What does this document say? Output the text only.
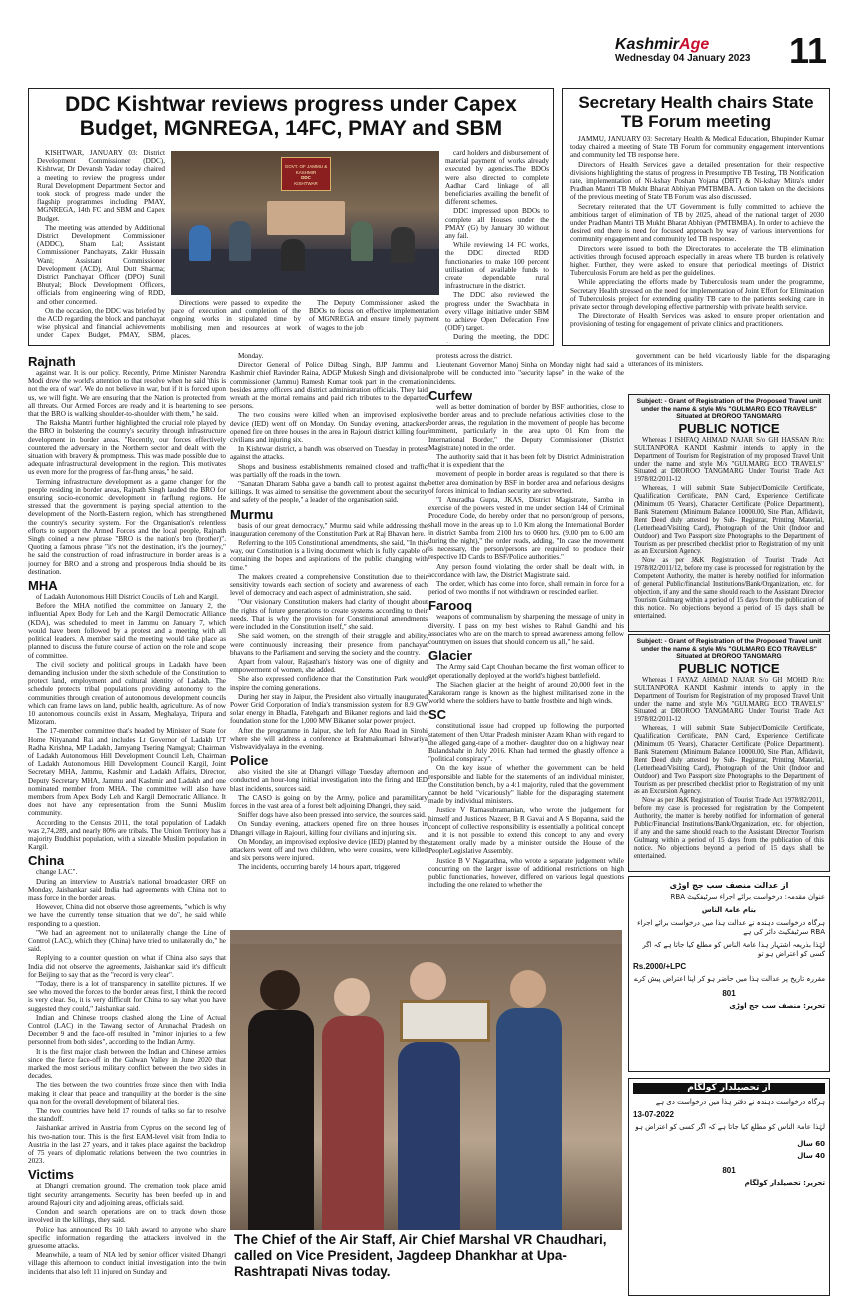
KashmirAge
Wednesday 04 January 2023 11
DDC Kishtwar reviews progress under Capex Budget, MGNREGA, 14FC, PMAY and SBM

KISHTWAR, JANUARY 03: District Development Commissioner (DDC), Kishtwar, Dr Devansh Yadav today chaired a meeting to review the progress under Rural Development Department Sector and took stock of progress made under the flagship programmes including PMAY, MGNREGA, 14th FC and SBM and Capex Budget.

The meeting was attended by Additional District Development Commissioner (ADDC), Sham Lal; Assistant Commissioner Panchayats, Zakir Hussain Wani; Assistant Commissioner Development (ACD), Atul Dutt Sharma; District Panchayat Officer (DPO) Sunil Bhutyal; Block Development Officers, officials from engineering wing of RDD, and other concerned.

On the occasion, the DDC was briefed by the ACD regarding the block and panchayat wise physical and financial achievements under Capex Budget, PMAY, SBM,

GOVT. OF JAMMU & KASHMIR
DDC
KISHTWAR

Directions were passed to expedite the pace of execution and completion of the ongoing works in stipulated time by mobilising men and resources at work places.

The Deputy Commissioner asked the BDOs to focus on effective implementation of MGNREGA and ensure timely payment of wages to the job

card holders and disbursement of material payment of works already executed by agencies.The BDOs were also directed to complete Aadhar Card linkage of all beneficiaries availing the benefit of different schemes.

DDC impressed upon BDOs to complete all Houses under the PMAY (G) by January 30 without any fail.

While reviewing 14 FC works, the DDC directed RDD functionaries to make 100 percent utilisation of available funds to create dependable rural infrastructure in the district.

The DDC also reviewed the progress under the Swachbata in every village initiative under SBM to achieve Open Defecation Free (ODF) target.

During the meeting, the DDC

Secretary Health chairs State TB Forum meeting

JAMMU, JANUARY 03: Secretary Health & Medical Education, Bhupinder Kumar today chaired a meeting of State TB Forum for community engagement interventions and community led TB response here.

Directors of Health Services gave a detailed presentation for their respective divisions highlighting the status of progress in Presumptive TB Testing, TB Notification rate, implementation of Ni-kshay Poshan Yojana (DBT) & Ni-kshay Mitra's under Pradhan Mantri TB Mukht Bharat Abhiyan PMTBMBA. Action taken on the decisions of the previous meeting of State TB Forum was also discussed.

Secretary reiterated that the UT Government is fully committed to achieve the ambitious target of elimination of TB by 2025, ahead of the national target of 2030 under Pradhan Mantri TB Mukht Bharat Abhiyan (PMTBMBA). In order to achieve the desired end there is need for focused approach by way of various interventions for community engagement and community led TB response.

Directors were issued to both the Directorates to accelerate the TB elimination activities through focused approach especially in areas where TB burden is relatively higher. Further, they were asked to ensure that periodical meetings of District Tuberculosis Forum are held as per the guidelines.

While appreciating the efforts made by Tuberculosis team under the programme, Secretary Health stressed on the need for implementation of Joint Effort for Elimination of Tuberculosis project for extending quality TB care to the patients seeking care in private sector through developing effective partnership with private health service.

The Directorate of Health Services was asked to ensure proper orientation and provisioning of testing for engagement of private clinics and practitioners.

Rajnath

against war. It is our policy. Recently, Prime Minister Narendra Modi drew the world's attention to that resolve when he said 'this is not the era of war'. We do not believe in war, but if it is forced upon us, we will fight. We are ensuring that the Nation is protected from all threats. Our Armed Forces are ready and it is heartening to see that the BRO is walking shoulder-to-shoulder with them," he said.

The Raksha Mantri further highlighted the crucial role played by the BRO in bolstering the country's security through infrastructure development in border areas. "Recently, our forces effectively countered the adversary in the Northern sector and dealt with the situation with bravery & promptness. This was made possible due to adequate infrastructural development in the region. This motivates us even more for the progress of far-flung areas," he said.

Terming infrastructure development as a game changer for the people residing in border areas, Rajnath Singh lauded the BRO for ensuring socio-economic development in farflung regions. He stressed that the government is paying special attention to the development of the North-Eastern region, which has strengthened the country's security system. For the Organisation's relentless efforts to support the Armed Forces and the local people, Rajnath Singh coined a new phrase "BRO is the nation's bro (brother)". Quoting a famous phrase "it's not the destination, it's the journey," he said the construction of road infrastructure in border areas is a journey for BRO and a strong and prosperous India should be its destination.

MHA

of Ladakh Autonomous Hill District Coucils of Leh and Kargil.

Before the MHA notified the committee on January 2, the influential Apex Body for Leh and the Kargil Democratic Alliance (KDA), was scheduled to meet in Jammu on January 7, which would have been followed by a protest and a meeting with all political leaders. A member said the meeting would take place as planned to discuss the future course of action on the role and scope of committee.

The civil society and political groups in Ladakh have been demanding inclusion under the sixth schedule of the Constitution to protect land, employment and cultural identity of Ladakh. The schedule protects tribal populations providing autonomy to the communities through creation of autonomous development councils which can frame laws on land, public health, agriculture. As of now 10 autonomous councils exist in Assam, Meghalaya, Tripura and Mizoram.

The 17-member committee that's headed by Minister of State for Home Nityanand Rai and includes Lt Governor of Ladakh UT Radha Krishna, MP Ladakh, Jamyang Tsering Namgyal; Chairman of Ladakh Autonomous Hill Development Council Leh, Chairman of Ladakh Autonomous Hill Development Council Kargil, Joint Secretary MHA, Jammu, Kashmir and Ladakh Affairs, Director, Deputy Secretary MHA, Jammu and Kashmir and Ladakh and one nominated member from MHA. The committee will also have members from Apex Body Leh and Kargil Democratic Alliance. It does not have any representation from the Sunni Muslim community.

According to the Census 2011, the total population of Ladakh was 2,74,289, and nearly 80% are tribals. The Union Territory has a majority Buddhist population, with a sizeable Muslim population in Kargil.

China

change LAC".

During an interview to Austria's national broadcaster ORF on Monday, Jaishankar said India had agreements with China not to mass force in the border areas.

However, China did not observe those agreements, "which is why we have the currently tense situation that we do", he said while responding to a question.

"We had an agreement not to unilaterally change the Line of Control (LAC), which they (China) have tried to unilaterally do," he said.

Replying to a counter question on what if China also says that India did not observe the agreements, Jaishankar said it's difficult for Beijing to say that as the "record is very clear".

"Today, there is a lot of transparency in satellite pictures. If we see who moved the forces to the border areas first, I think the record is very clear. So, it is very difficult for China to say what you have suggested they could," Jaishankar said.

Indian and Chinese troops clashed along the Line of Actual Control (LAC) in the Tawang sector of Arunachal Pradesh on December 9 and the face-off resulted in "minor injuries to a few personnel from both sides", according to the Indian Army.

It is the first major clash between the Indian and Chinese armies since the fierce face-off in the Galwan Valley in June 2020 that marked the most serious military conflict between the two sides in decades.

The ties between the two countries froze since then with India making it clear that peace and tranquility at the border is the sine qua non for the overall development of bilateral ties.

The two countries have held 17 rounds of talks so far to resolve the standoff.

Jaishankar arrived in Austria from Cyprus on the second leg of his two-nation tour. This is the first EAM-level visit from India to Austria in the last 27 years, and it takes place against the backdrop of 75 years of diplomatic relations between the two countries in 2023.

Victims

at Dhangri cremation ground. The cremation took place amid tight security arrangements. Security has been beefed up in and around Rajouri city and adjoining areas, officials said.

Condon and search operations are on to track down those involved in the killings, they said.

Police has announced Rs 10 lakh award to anyone who share specific information regarding the attackers involved in the gruesome attacks.

Meanwhile, a team of NIA led by senior officer visited Dhangri village this afternoon to conduct initial investigation into the twin incidents that also left 11 injured on Sunday and

Monday.

Director General of Police Dilbag Singh, BJP Jammu and Kashmir chief Ravinder Raina, ADGP Mukesh Singh and divisional commissioner (Jammu) Ramesh Kumar took part in the cremation besides army officers and district administration officials. They laid wreath at the mortal remains and paid rich tributes to the departed persons.

The two cousins were killed when an improvised explosive device (IED) went off on Monday. On Sunday evening, attackers opened fire on three houses in the area in Rajouri district killing four civilians and injuring six.

In Kishtwar district, a bandh was observed on Tuesday in protest against the attacks.

Shops and business establishments remained closed and traffic was partially off the roads in the town.

"Sanatan Dharam Sabha gave a bandh call to protest against the killings. It was aimed to sensitise the government about the security and safety of the people," a leader of the organisation said.

Murmu

basis of our great democracy," Murmu said while addressing the inauguration ceremony of the Constitution Park at Raj Bhavan here.

Referring to the 105 Constitutional amendments, she said, "In this way, our Constitution is a living document which is fully capable of containing the hopes and aspirations of the public changing with time."

The makers created a comprehensive Constitution due to their sensitivity towards each section of society and awareness of each level of democracy and each aspect of administration, she said.

"Our visionary Constitution makers had clarity of thought about the rights of future generations to create systems according to their needs. That is why the provision for Constitutional amendments were included in the Constitution itself," she said.

She said women, on the strength of their struggle and ability, were continuously increasing their presence from panchayat bhavans to the Parliament and serving the society and the country.

Apart from valour, Rajasthan's history was one of dignity and empowerment of women, she added.

She also expressed confidence that the Constitution Park would inspire the coming generations.

During her stay in Jaipur, the President also virtually inaugurated Power Grid Corporation of India's transmission system for 8.9 GW solar energy in Bhadla, Fatehgarh and Bikaner regions and laid the foundation stone for the 1,000 MW Bikaner solar power project.

After the programme in Jaipur, she left for Abu Road in Sirohi where she will address a conference at Brahmakumari Ishwariya Vishwavidyalaya in the evening.

Police

also visited the site at Dhangri village Tuesday afternoon and conducted an hour-long initial investigation into the firing and IED blast incidents, sources said.

The CASO is going on by the Army, police and paramilitary forces in the vast area of a forest belt adjoining Dhangri, they said.

Sniffer dogs have also been pressed into service, the sources said.

On Sunday evening, attackers opened fire on three houses in Dhangri village in Rajouri, killing four civilians and injuring six.

On Monday, an improvised explosive device (IED) planted by the attackers went off and two children, who were cousins, were killed and six persons were injured.

The incidents, occurring barely 14 hours apart, triggered

protests across the district.

Lieutenant Governor Manoj Sinha on Monday night had said a probe will be conducted into "security lapse" in the wake of the incidents.

Curfew

well as better domination of border by BSF authorities, close to the border areas and to preclude nefarious activities close to the border areas, the regulation in the movement of people has become imminent, particularly in the area upto 01 Km from the International Border," the Deputy Commissioner (District Magistrate) noted in the order.

The authority said that it has been felt by District Administration that it is expedient that the

movement of people in border areas is regulated so that there is better area domination by BSF in border area and nefarious designs of forces inimical to Indian security are subverted.

"I Anuradha Gupta, JKAS, District Magistrate, Samba in exercise of the powers vested in me under section 144 of Criminal Procedure Code, do hereby order that no person/group of persons, shall move in the areas up to 1.0 Km along the International Border in district Samba from 2100 hrs to 0600 hrs. (9.00 pm to 6.00 am during the night)," the order reads, adding, "In case the movement is necessary, the person/persons are required to produce their respective ID Cards to BSF/Police authorities."

Any person found violating the order shall be dealt with, in accordance with law, the District Magistrate said.

The order, which has come into force, shall remain in force for a period of two months if not withdrawn or rescinded earlier.

Farooq

weapons of communalism by sharpening the message of unity in diversity. I pass on my best wishes to Rahul Gandhi and his associates who are on the march to spread awareness among fellow countrymen on issues that should concern us all," he said.

Glacier

The Army said Capt Chouhan became the first woman officer to get operationally deployed at the world's highest battlefield.

The Siachen glacier at the height of around 20,000 feet in the Karakoram range is known as the highest militarised zone in the world where the soldiers have to battle frostbite and high winds.

SC

constitutional issue had cropped up following the purported statement of then Uttar Pradesh minister Azam Khan with regard to the alleged gang-rape of a mother- daughter duo on a highway near Bulandshahr in July 2016. Khan had termed the ghastly offence a "political conspiracy".

On the key issue of whether the government can be held responsible and liable for the statements of an individual minister, the Constitution bench, by a 4:1 majority, ruled that the government cannot be held "vicariously" liable for the disparaging statement made by individual ministers.

Justice V Ramasubramanian, who wrote the judgement for himself and Justices Nazeer, B R Gavai and A S Bopanna, said the concept of collective responsibility is essentially a political concept and it is not possible to extend this concept to any and every statement orally made by a minister outside the House of the People/Legislative Assembly.

Justice B V Nagarathna, who wrote a separate judgement while concurring on the larger issue of additional restrictions on high public functionaries, however, differed on various legal questions including the one related to whether the

government can be held vicariously liable for the disparaging utterances of its ministers.

Subject: - Grant of Registration of the Proposed Travel unit under the name & style M/s "GULMARG ECO TRAVELS" Situated at DROROO TANGMARG
PUBLIC NOTICE

Whereas I ISHFAQ AHMAD NAJAR S/o GH HASSAN R/o: SULTANPORA KANDI Kashmir intends to apply in the Department of Tourism for Registration of my proposed Travel Unit under the name and style M/s "GULMARG ECO TRAVELS" Situated at DROROO TANGMARG Under Tourist Trade Act 1978/82/2011-12

Whereas, I will submit State Subject/Domicile Certificate, Qualification Certificate, PAN Card, Experience Certificate (Minimum 05 Years), Character Certificate (Police Department), Bank Statement (Minimum Balance 10000.00, Site Plan, Affidavit, Rent Deed duly attested by Sub- Registrar, Printing Material, (Letterhead/Visiting Card), Photograph of the Unit (Indoor and Outdoor) and Two Passport size Photographs to the Department of Tourism as per prescribed checklist prior to Registration of my unit as an Excursion Agency.

Now as per J&K Registration of Tourist Trade Act 1978/82/2011/12, before my case is processed for registration by the Competent Authority, the matter is hereby notified for information of general Public/financial Institutions/Bank/Organization, etc. for objection, if any and the same should reach to the Assistant Director Tourism Gulmarg within a period of 15 days from the publication of this notice. No objections beyond a period of 15 days shall be entertained.

Subject: - Grant of Registration of the Proposed Travel unit under the name & style M/s "GULMARG ECO TRAVELS" Situated at DROROO TANGMARG
PUBLIC NOTICE

Whereas I FAYAZ AHMAD NAJAR S/o GH MOHD R/o: SULTANPORA KANDI Kashmir intends to apply in the Department of Tourism for Registration of my proposed Travel Unit under the name and style M/s "GULMARG ECO TRAVELS" Situated at DROROO TANGMARG Under Tourist Trade Act 1978/82/2011-12

Whereas, I will submit State Subject/Domicile Certificate, Qualification Certificate, PAN Card, Experience Certificate (Minimum 05 Years), Character Certificate (Police Department). Bank Statement (Minimum Balance 10000.00, Site Plan, Affidavit, Rent Deed duly attested by Sub- Registrar, Printing Material, (Letterhead/Visiting Card), Photograph of the Unit (Indoor and Outdoor) and Two Passport size Photographs to the Department of Tourism as per prescribed checklist prior to Registration of my unit as an Excursion Agency.

Now as per J&K Registration of Tourist Trade Act 1978/82/2011, before my case is processed for registration by the Competent Authority, the matter is hereby notified for information of general Public/Financial Institutions/Bank/Organization, etc. for objection, if any and the same should reach to the Assistant Director Tourism Gulmarg within a period of 15 days from the publication of this notice. No objections beyond a period of 15 days shall be entertained.

از عدالت منصف سب جج اوڑی
عنوان مقدمہ: درخواست برائے اجراء سرٹیفکیٹ RBA
بنام عامۃ الناس
ہرگاہ درخواست دہندہ نے عدالت ہذا میں درخواست برائے اجراء RBA سرٹیفکیٹ دائر کی ہے
لہٰذا بذریعہ اشتہار ہذا عامۃ الناس کو مطلع کیا جاتا ہے کہ اگر کسی کو اعتراض ہو تو
Rs.2000/+LPC
مقررہ تاریخ پر عدالت ہذا میں حاضر ہو کر اپنا اعتراض پیش کرے
801
تحریر: منصف سب جج اوڑی
از تحصیلدار کولگام
ہرگاہ درخواست دہندہ نے دفتر ہذا میں درخواست دی ہے
13-07-2022
لہٰذا عامۃ الناس کو مطلع کیا جاتا ہے کہ اگر کسی کو اعتراض ہو
60 سال
40 سال
801
تحریر: تحصیلدار کولگام
The Chief of the Air Staff, Air Chief Marshal VR Chaudhari, called on Vice President, Jagdeep Dhankhar at Upa-Rashtrapati Nivas today.
